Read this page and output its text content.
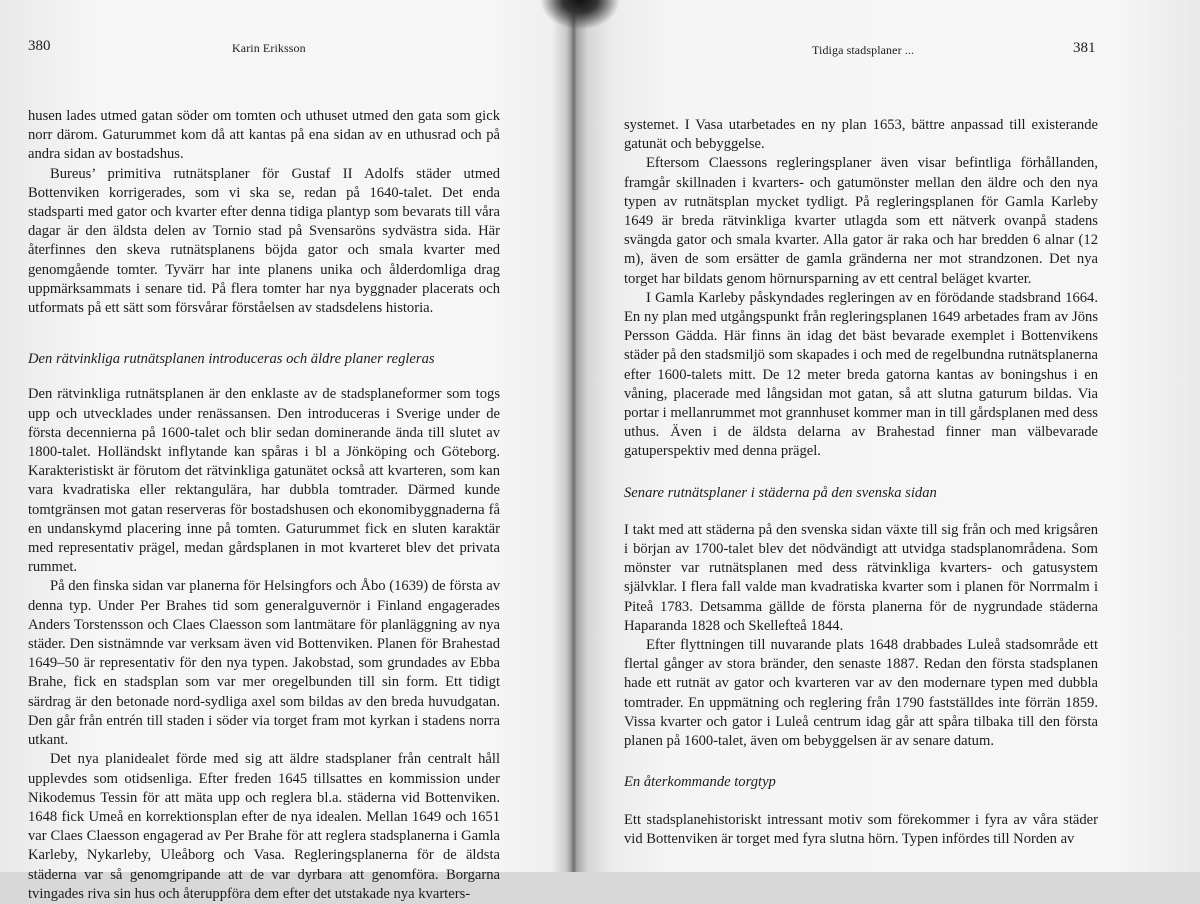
380	Karin Eriksson

husen lades utmed gatan söder om tomten och uthuset utmed den gata som gick norr därom. Gaturummet kom då att kantas på ena sidan av en uthusrad och på andra sidan av bostadshus.

Bureus’ primitiva rutnätsplaner för Gustaf II Adolfs städer utmed Bottenviken korrigerades, som vi ska se, redan på 1640-talet. Det enda stadsparti med gator och kvarter efter denna tidiga plantyp som bevarats till våra dagar är den äldsta delen av Tornio stad på Svensaröns sydvästra sida. Här återfinnes den skeva rutnätsplanens böjda gator och smala kvarter med genomgående tomter. Tyvärr har inte planens unika och ålderdomliga drag uppmärksammats i senare tid. På flera tomter har nya byggnader placerats och utformats på ett sätt som försvårar förståelsen av stadsdelens historia.

Den rätvinkliga rutnätsplanen introduceras och äldre planer regleras

Den rätvinkliga rutnätsplanen är den enklaste av de stadsplaneformer som togs upp och utvecklades under renässansen. Den introduceras i Sverige under de första decennierna på 1600-talet och blir sedan dominerande ända till slutet av 1800-talet. Holländskt inflytande kan spåras i bl a Jönköping och Göteborg. Karakteristiskt är förutom det rätvinkliga gatunätet också att kvarteren, som kan vara kvadratiska eller rektangulära, har dubbla tomtrader. Därmed kunde tomtgränsen mot gatan reserveras för bostadshusen och ekonomibyggnaderna få en undanskymd placering inne på tomten. Gaturummet fick en sluten karaktär med representativ prägel, medan gårdsplanen in mot kvarteret blev det privata rummet.

På den finska sidan var planerna för Helsingfors och Åbo (1639) de första av denna typ. Under Per Brahes tid som generalguvernör i Finland engagerades Anders Torstensson och Claes Claesson som lantmätare för planläggning av nya städer. Den sistnämnde var verksam även vid Bottenviken. Planen för Brahestad 1649–50 är representativ för den nya typen. Jakobstad, som grundades av Ebba Brahe, fick en stadsplan som var mer oregelbunden till sin form. Ett tidigt särdrag är den betonade nord-sydliga axel som bildas av den breda huvudgatan. Den går från entrén till staden i söder via torget fram mot kyrkan i stadens norra utkant.

Det nya planidealet förde med sig att äldre stadsplaner från centralt håll upplevdes som otidsenliga. Efter freden 1645 tillsattes en kommission under Nikodemus Tessin för att mäta upp och reglera bl.a. städerna vid Bottenviken. 1648 fick Umeå en korrektionsplan efter de nya idealen. Mellan 1649 och 1651 var Claes Claesson engagerad av Per Brahe för att reglera stadsplanerna i Gamla Karleby, Nykarleby, Uleåborg och Vasa. Regleringsplanerna för de äldsta städerna var så genomgripande att de var dyrbara att genomföra. Borgarna tvingades riva sin hus och återuppföra dem efter det utstakade nya kvarters-

Tidiga stadsplaner ...	381

systemet. I Vasa utarbetades en ny plan 1653, bättre anpassad till existerande gatunät och bebyggelse.

Eftersom Claessons regleringsplaner även visar befintliga förhållanden, framgår skillnaden i kvarters- och gatumönster mellan den äldre och den nya typen av rutnätsplan mycket tydligt. På regleringsplanen för Gamla Karleby 1649 är breda rätvinkliga kvarter utlagda som ett nätverk ovanpå stadens svängda gator och smala kvarter. Alla gator är raka och har bredden 6 alnar (12 m), även de som ersätter de gamla gränderna ner mot strandzonen. Det nya torget har bildats genom hörnursparning av ett central beläget kvarter.

I Gamla Karleby påskyndades regleringen av en förödande stadsbrand 1664. En ny plan med utgångspunkt från regleringsplanen 1649 arbetades fram av Jöns Persson Gädda. Här finns än idag det bäst bevarade exemplet i Bottenvikens städer på den stadsmiljö som skapades i och med de regelbundna rutnätsplanerna efter 1600-talets mitt. De 12 meter breda gatorna kantas av boningshus i en våning, placerade med långsidan mot gatan, så att slutna gaturum bildas. Via portar i mellanrummet mot grannhuset kommer man in till gårdsplanen med dess uthus. Även i de äldsta delarna av Brahestad finner man välbevarade gatuperspektiv med denna prägel.

Senare rutnätsplaner i städerna på den svenska sidan

I takt med att städerna på den svenska sidan växte till sig från och med krigsåren i början av 1700-talet blev det nödvändigt att utvidga stadsplanområdena. Som mönster var rutnätsplanen med dess rätvinkliga kvarters- och gatusystem självklar. I flera fall valde man kvadratiska kvarter som i planen för Norrmalm i Piteå 1783. Detsamma gällde de första planerna för de nygrundade städerna Haparanda 1828 och Skellefteå 1844.

Efter flyttningen till nuvarande plats 1648 drabbades Luleå stadsområde ett flertal gånger av stora bränder, den senaste 1887. Redan den första stadsplanen hade ett rutnät av gator och kvarteren var av den modernare typen med dubbla tomtrader. En uppmätning och reglering från 1790 fastställdes inte förrän 1859. Vissa kvarter och gator i Luleå centrum idag går att spåra tilbaka till den första planen på 1600-talet, även om bebyggelsen är av senare datum.

En återkommande torgtyp

Ett stadsplanehistoriskt intressant motiv som förekommer i fyra av våra städer vid Bottenviken är torget med fyra slutna hörn. Typen infördes till Norden av
